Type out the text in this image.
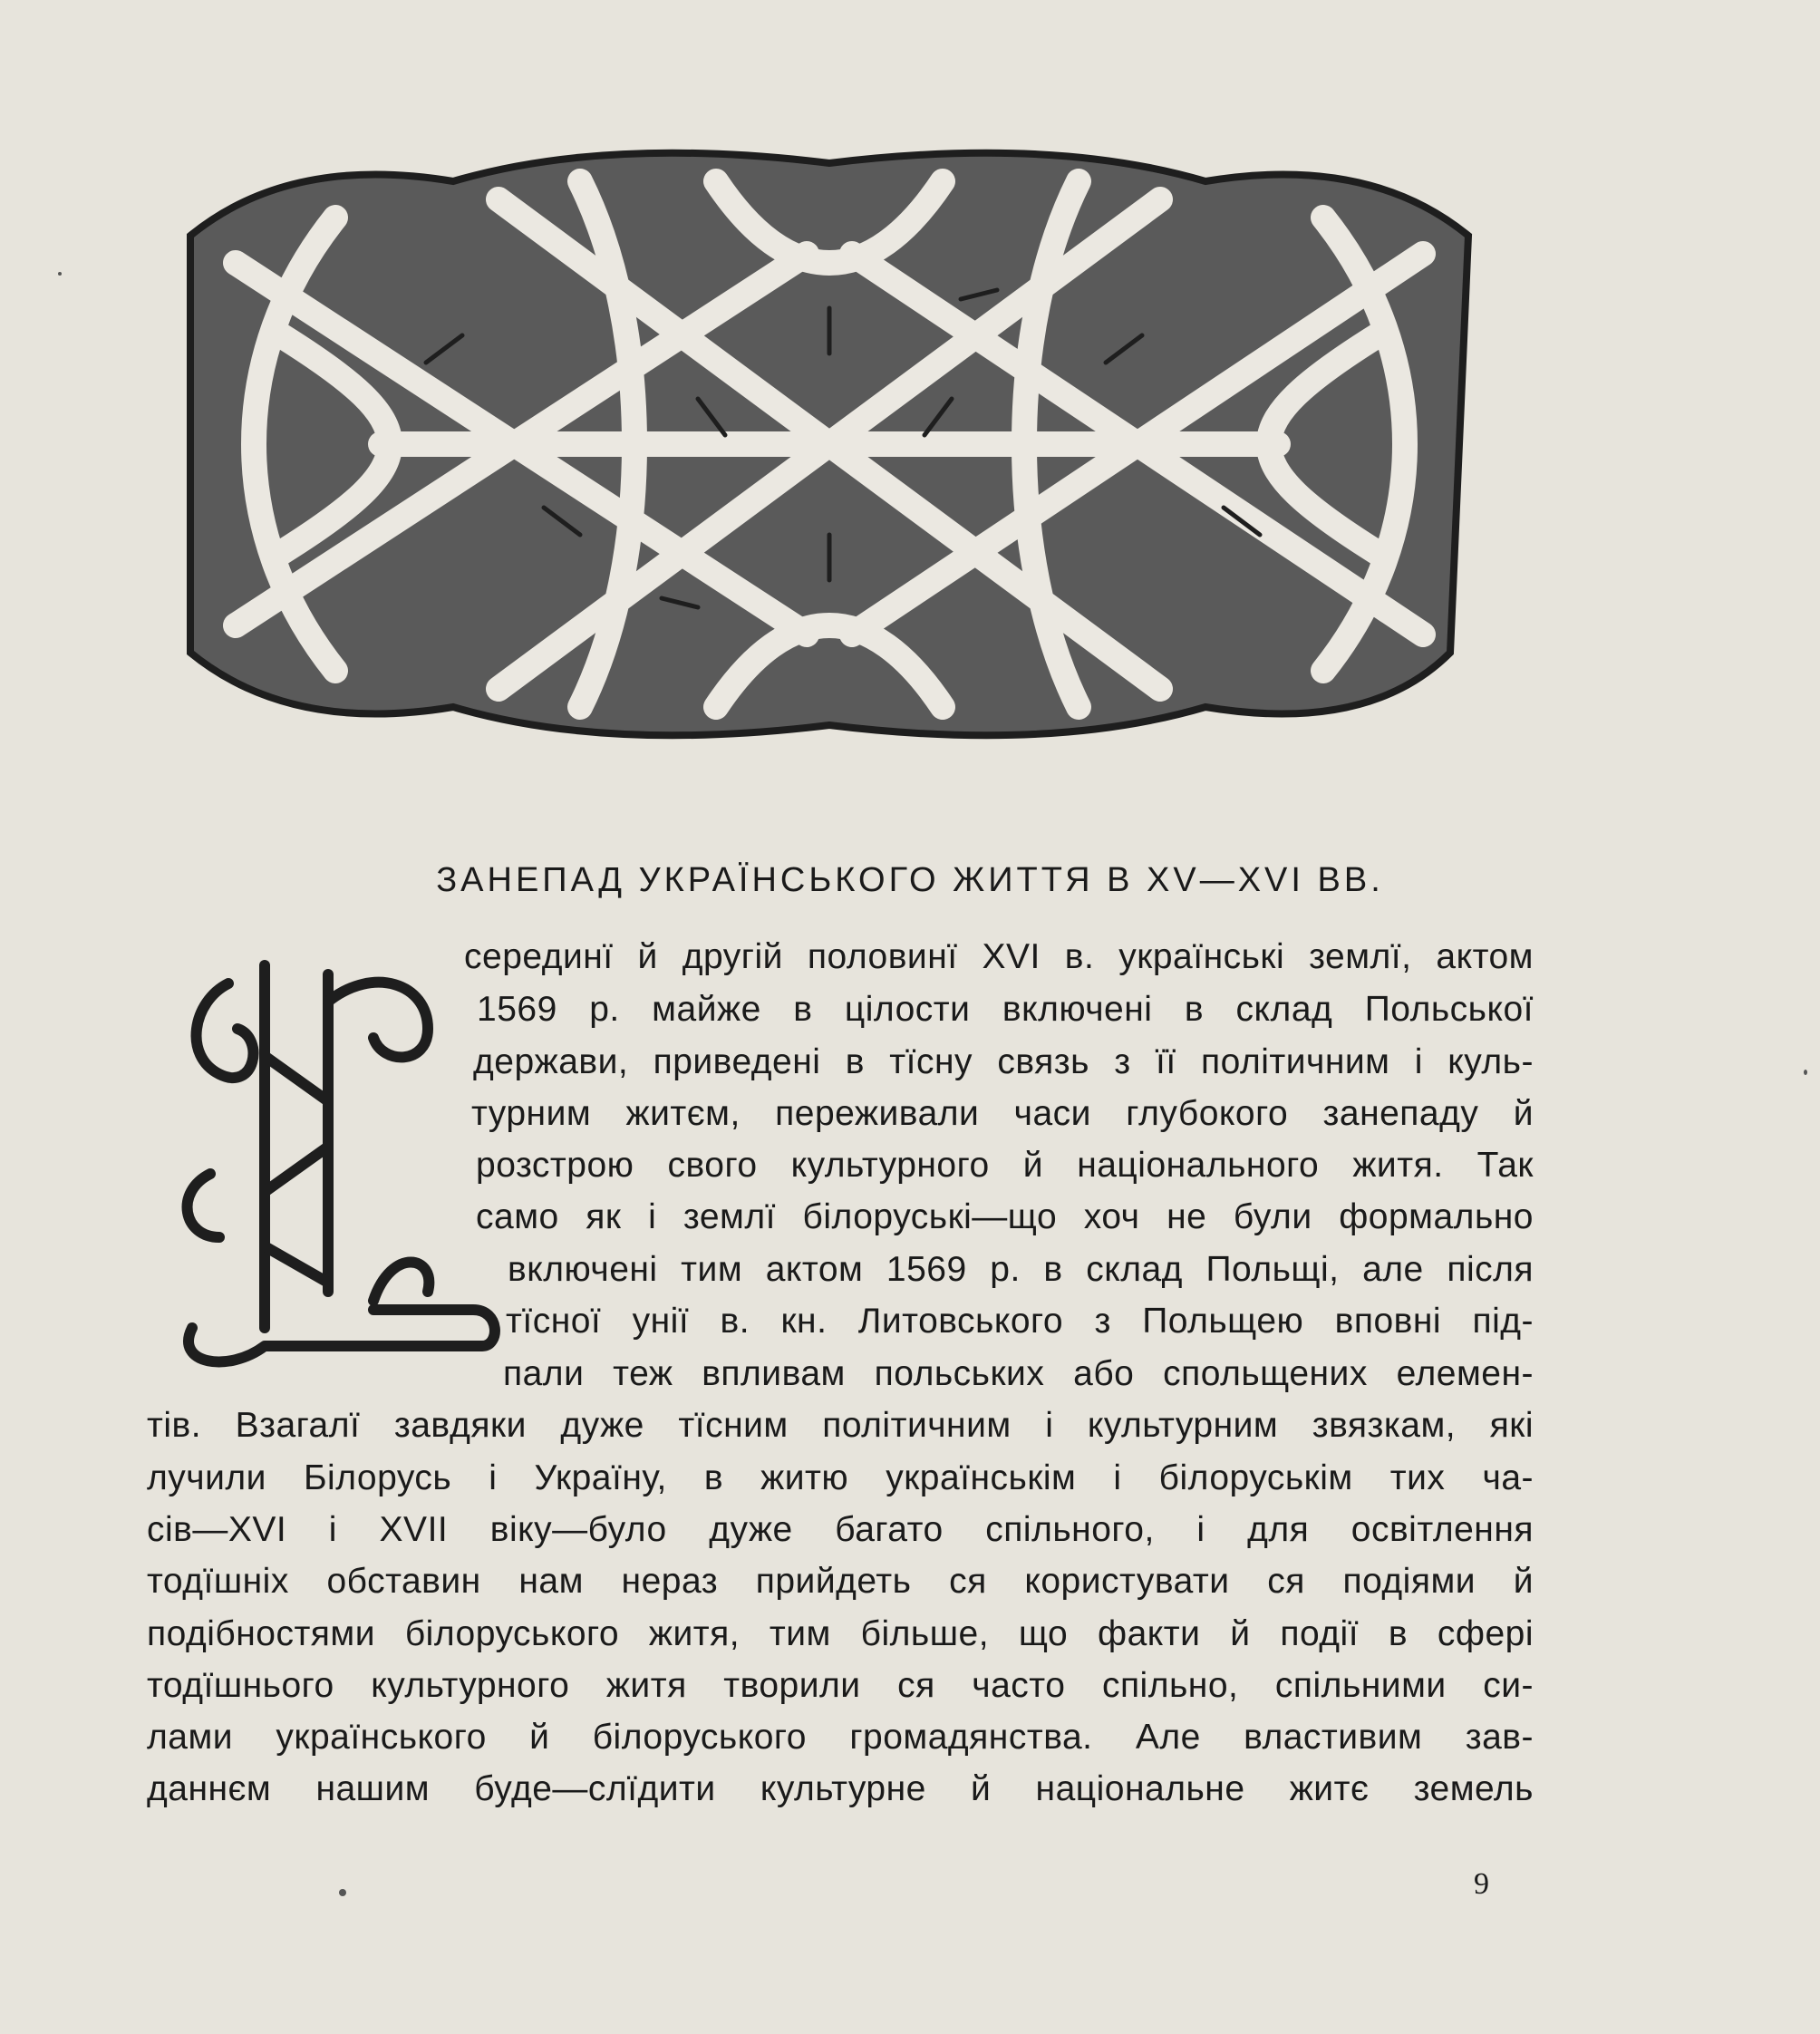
ЗАНЕПАД УКРАЇНСЬКОГО ЖИТТЯ В XV—XVI ВВ.
серединї й другій половинї XVI в. українські землї, актом
1569 р. майже в цілости включені в склад Польської
держави, приведені в тїсну связь з її політичним і куль-
турним житєм, переживали часи глубокого занепаду й
розстрою свого культурного й національного житя. Так
само як і землї білоруські—що хоч не були формально
включені тим актом 1569 р. в склад Польщі, але після
тїсної унії в. кн. Литовського з Польщею вповні під-
пали теж впливам польських або спольщених елемен-
тів. Взагалї завдяки дуже тїсним політичним і культурним звязкам, які
лучили Білорусь і Україну, в житю українськім і білоруськім тих ча-
сів—XVI і XVII віку—було дуже багато спільного, і для освітлення
тодїшніх обставин нам нераз прийдеть ся користувати ся подіями й
подібностями білоруського житя, тим більше, що факти й події в сфері
тодїшнього культурного житя творили ся часто спільно, спільними си-
лами українського й білоруського громадянства. Але властивим зав-
даннєм нашим буде—слїдити культурне й національне житє земель
9
